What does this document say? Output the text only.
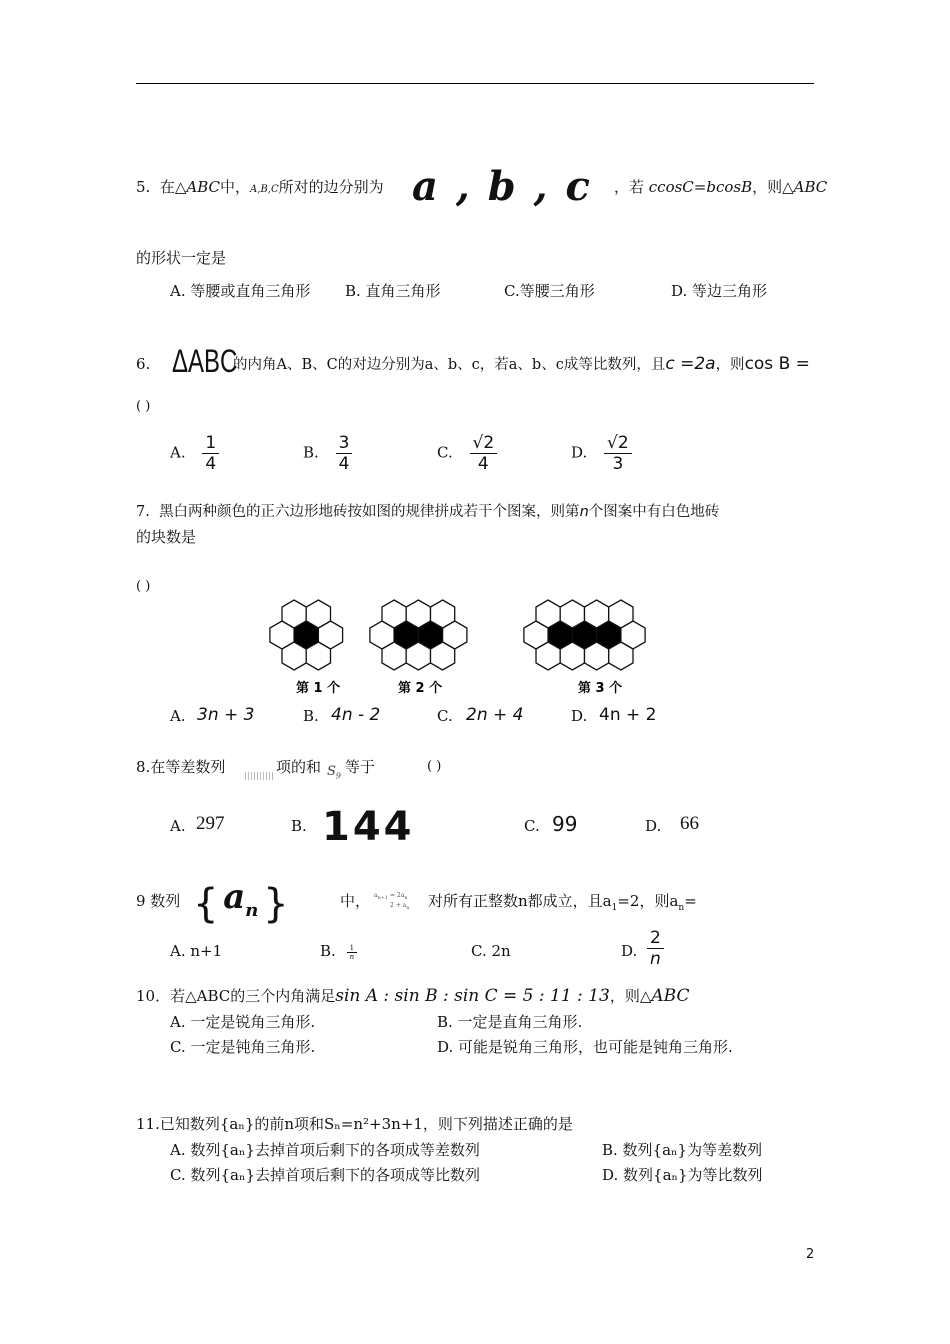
5. 在△ABC中，A,B,C所对的边分别为 a , b , c ，若 ccosC=bcosB，则△ABC
的形状一定是
A. 等腰或直角三角形 B. 直角三角形	C.等腰三角形	D. 等边三角形
6. ΔABC
的内角A、B、C的对边分别为a、b、c，若a、b、c成等比数列，且c =2a，则cos B =
( )
A. $\frac{1}{4}$	B. $\frac{3}{4}$	C. $\frac{√2}{4}$	D. $\frac{√2}{3}$
7. 黑白两种颜色的正六边形地砖按如图的规律拼成若干个图案，则第n个图案中有白色地砖
的块数是
( )
第 1 个	第 2 个	第 3 个
A. 3n + 3	B. 4n - 2	C. 2n + 4	D. 4n + 2
8.在等差数列	项的和 $S_9$
等于	( )
A. 297	B. 144	C. 99	D. 66
9 数列 { $a_n$ }	中， $a_{n+1} = 2a_n$
$2 + a_n$ 对所有正整数n都成立，且$a_1=2$，则$a_n=$
A. n+1	B. $\frac{1}{n}$	C. 2n	D. $\frac{2}{n}$
10．若△ABC的三个内角满足sin A : sin B : sin C = 5 : 11 : 13，则△ABC
A. 一定是锐角三角形.	B. 一定是直角三角形.
C. 一定是钝角三角形.	D. 可能是锐角三角形，也可能是钝角三角形.
11.已知数列{aₙ}的前n项和Sₙ=n²+3n+1，则下列描述正确的是
A. 数列{aₙ}去掉首项后剩下的各项成等差数列	B. 数列{aₙ}为等差数列
C. 数列{aₙ}去掉首项后剩下的各项成等比数列	D. 数列{aₙ}为等比数列
2
